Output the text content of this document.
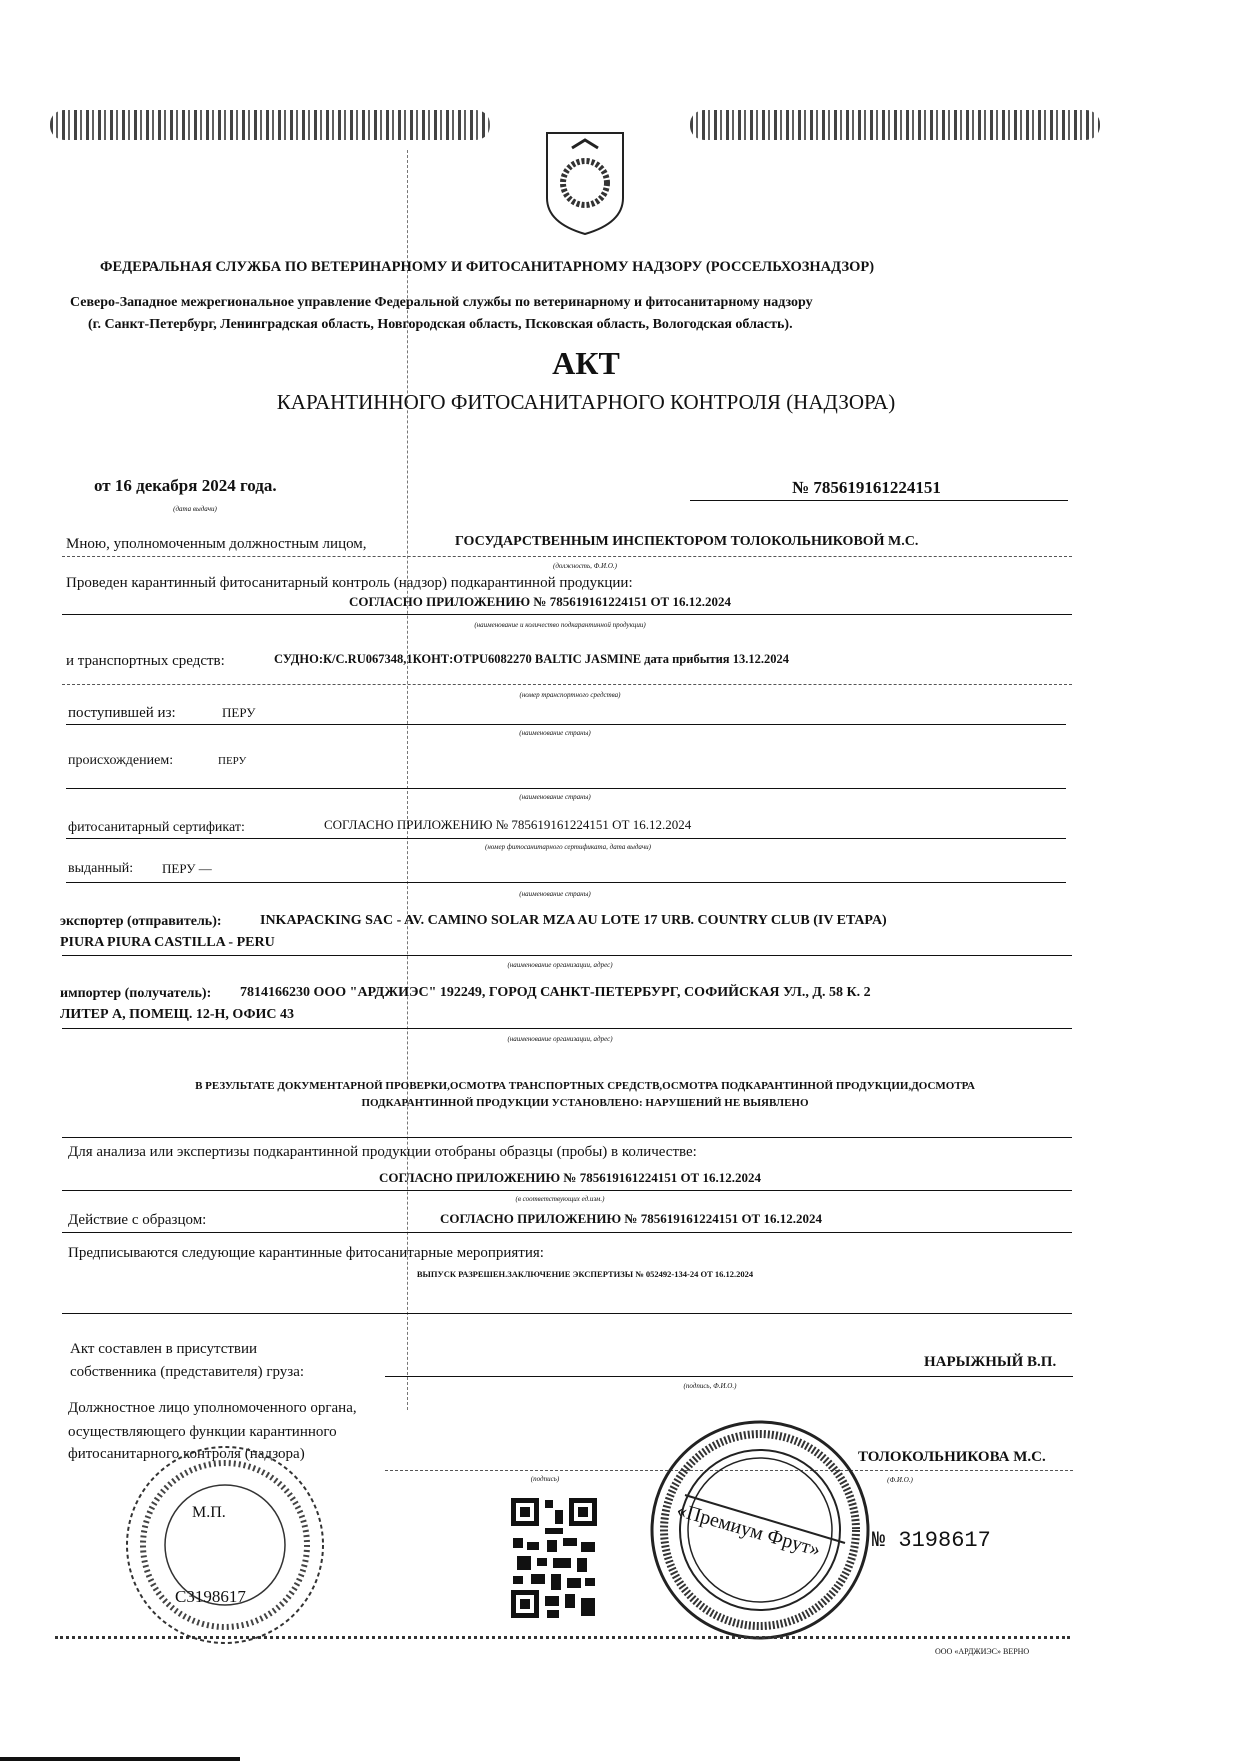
ФЕДЕРАЛЬНАЯ СЛУЖБА ПО ВЕТЕРИНАРНОМУ И ФИТОСАНИТАРНОМУ НАДЗОРУ (РОССЕЛЬХОЗНАДЗОР)
Северо-Западное межрегиональное управление Федеральной службы по ветеринарному и фитосанитарному надзору
(г. Санкт-Петербург, Ленинградская область, Новгородская область, Псковская область, Вологодская область).
АКТ
КАРАНТИННОГО ФИТОСАНИТАРНОГО КОНТРОЛЯ (НАДЗОРА)
от 16 декабря 2024 года.
(дата выдачи)
№ 785619161224151
Мною, уполномоченным должностным лицом,	ГОСУДАРСТВЕННЫМ ИНСПЕКТОРОМ ТОЛОКОЛЬНИКОВОЙ М.С.
(должность, Ф.И.О.)
Проведен карантинный фитосанитарный контроль (надзор) подкарантинной продукции:
СОГЛАСНО ПРИЛОЖЕНИЮ № 785619161224151 ОТ 16.12.2024
(наименование и количество подкарантинной продукции)
и транспортных средств:	СУДНО:К/С.RU067348,1КОНТ:OTPU6082270 BALTIC JASMINE дата прибытия 13.12.2024
(номер транспортного средства)
поступившей из:	ПЕРУ
(наименование страны)
происхождением:	ПЕРУ
(наименование страны)
фитосанитарный сертификат:	СОГЛАСНО ПРИЛОЖЕНИЮ № 785619161224151 ОТ 16.12.2024
(номер фитосанитарного сертификата, дата выдачи)
выданный: ПЕРУ —
(наименование страны)
экспортер (отправитель):	INKAPACKING SAC - AV. CAMINO SOLAR MZA AU LOTE 17 URB. COUNTRY CLUB (IV ETAPA)
PIURA PIURA CASTILLA - PERU
(наименование организации, адрес)
импортер (получатель): 7814166230 ООО "АРДЖИЭС" 192249, ГОРОД САНКТ-ПЕТЕРБУРГ, СОФИЙСКАЯ УЛ., Д. 58 К. 2
ЛИТЕР А, ПОМЕЩ. 12-Н, ОФИС 43
(наименование организации, адрес)
В РЕЗУЛЬТАТЕ ДОКУМЕНТАРНОЙ ПРОВЕРКИ,ОСМОТРА ТРАНСПОРТНЫХ СРЕДСТВ,ОСМОТРА ПОДКАРАНТИННОЙ ПРОДУКЦИИ,ДОСМОТРА
ПОДКАРАНТИННОЙ ПРОДУКЦИИ УСТАНОВЛЕНО: НАРУШЕНИЙ НЕ ВЫЯВЛЕНО
Для анализа или экспертизы подкарантинной продукции отобраны образцы (пробы) в количестве:
СОГЛАСНО ПРИЛОЖЕНИЮ № 785619161224151 ОТ 16.12.2024
(в соответствующих ед.изм.)
Действие с образцом:	СОГЛАСНО ПРИЛОЖЕНИЮ № 785619161224151 ОТ 16.12.2024
Предписываются следующие карантинные фитосанитарные мероприятия:
ВЫПУСК РАЗРЕШЕН.ЗАКЛЮЧЕНИЕ ЭКСПЕРТИЗЫ № 052492-134-24 ОТ 16.12.2024
Акт составлен в присутствии
собственника (представителя) груза:
НАРЫЖНЫЙ В.П.
(подпись, Ф.И.О.)
Должностное лицо уполномоченного органа,
осуществляющего функции карантинного
фитосанитарного контроля (надзора)	ТОЛОКОЛЬНИКОВА М.С.
(подпись)	(Ф.И.О.)
М.П.
С3198617
«Премиум Фрут» № 3198617
ООО «АРДЖИЭС» ВЕРНО
